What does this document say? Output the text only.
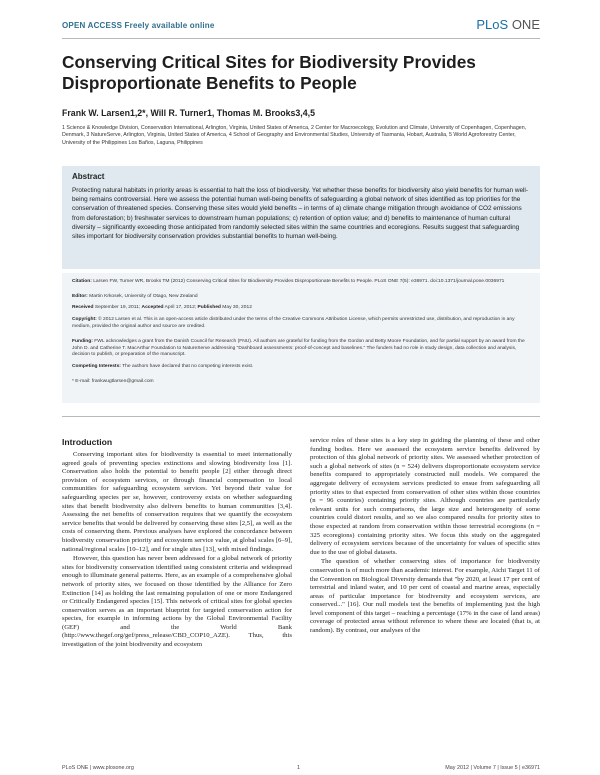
OPEN ACCESS Freely available online	PLoS ONE
Conserving Critical Sites for Biodiversity Provides Disproportionate Benefits to People
Frank W. Larsen1,2*, Will R. Turner1, Thomas M. Brooks3,4,5
1 Science & Knowledge Division, Conservation International, Arlington, Virginia, United States of America, 2 Center for Macroecology, Evolution and Climate, University of Copenhagen, Copenhagen, Denmark, 3 NatureServe, Arlington, Virginia, United States of America, 4 School of Geography and Environmental Studies, University of Tasmania, Hobart, Australia, 5 World Agroforestry Center, University of the Philippines Los Baños, Laguna, Philippines
Abstract
Protecting natural habitats in priority areas is essential to halt the loss of biodiversity. Yet whether these benefits for biodiversity also yield benefits for human well-being remains controversial. Here we assess the potential human well-being benefits of safeguarding a global network of sites identified as top priorities for the conservation of threatened species. Conserving these sites would yield benefits – in terms of a) climate change mitigation through avoidance of CO2 emissions from deforestation; b) freshwater services to downstream human populations; c) retention of option value; and d) benefits to maintenance of human cultural diversity – significantly exceeding those anticipated from randomly selected sites within the same countries and ecoregions. Results suggest that safeguarding sites important for biodiversity conservation provides substantial benefits to human well-being.
Citation: Larsen FW, Turner WR, Brooks TM (2012) Conserving Critical Sites for Biodiversity Provides Disproportionate Benefits to People. PLoS ONE 7(5): e36971. doi:10.1371/journal.pone.0036971
Editor: Martin Krkosek, University of Otago, New Zealand
Received September 19, 2011; Accepted April 17, 2012; Published May 30, 2012
Copyright: © 2012 Larsen et al. This is an open-access article distributed under the terms of the Creative Commons Attribution License, which permits unrestricted use, distribution, and reproduction in any medium, provided the original author and source are credited.
Funding: FWL acknowledges a grant from the Danish Council for Research (FNU). All authors are grateful for funding from the Gordon and Betty Moore Foundation, and for partial support by an award from the John D. and Catherine T. MacArthur Foundation to NatureServe addressing "Dashboard assessments: proof-of-concept and baselines." The funders had no role in study design, data collection and analysis, decision to publish, or preparation of the manuscript.
Competing Interests: The authors have declared that no competing interests exist.
* E-mail: frankwugtlarsen@gmail.com
Introduction

Conserving important sites for biodiversity is essential to meet internationally agreed goals of preventing species extinctions and slowing biodiversity loss [1]. Conservation also holds the potential to benefit people [2] either through direct provision of ecosystem services, or through financial compensation to local communities for safeguarding ecosystem services. Yet beyond their value for safeguarding species per se, however, controversy exists on whether safeguarding sites that benefit biodiversity also delivers benefits to human communities [3,4]. Assessing the net benefits of conservation requires that we quantify the ecosystem service benefits that would be delivered by conserving these sites [2,5], as well as the costs of conserving them. Previous analyses have explored the concordance between biodiversity conservation priority and ecosystem service value, at global scales [6–9], national/regional scales [10–12], and for single sites [13], with mixed findings.

However, this question has never been addressed for a global network of priority sites for biodiversity conservation identified using consistent criteria and widespread enough to illuminate general patterns. Here, as an example of a comprehensive global network of priority sites, we focused on those identified by the Alliance for Zero Extinction [14] as holding the last remaining population of one or more Endangered or Critically Endangered species [15]. This network of critical sites for global species conservation serves as an important blueprint for targeted conservation action for species, for example in informing actions by the Global Environmental Facility (GEF) and the World Bank (http://www.thegef.org/gef/press_release/CBD_COP10_AZE). Thus, this investigation of the joint biodiversity and ecosystem

service roles of these sites is a key step in guiding the planning of these and other funding bodies. Here we assessed the ecosystem service benefits delivered by protection of this global network of priority sites. We assessed whether protection of such a global network of sites (n = 524) delivers disproportionate ecosystem service benefits compared to appropriately constructed null models. We compared the aggregate delivery of ecosystem services predicted to ensue from safeguarding all priority sites to that expected from conservation of other sites within those countries (n = 96 countries) containing priority sites. Although countries are particularly relevant units for such comparisons, the large size and heterogeneity of some countries could distort results, and so we also compared results for priority sites to those expected at random from conservation within those terrestrial ecoregions (n = 325 ecoregions) containing priority sites. We focus this study on the aggregated delivery of ecosystem services because of the uncertainty for values of specific sites due to the use of global datasets.

The question of whether conserving sites of importance for biodiversity conservation is of much more than academic interest. For example, Aichi Target 11 of the Convention on Biological Diversity demands that "by 2020, at least 17 per cent of terrestrial and inland water, and 10 per cent of coastal and marine areas, especially areas of particular importance for biodiversity and ecosystem services, are conserved..." [16]. Our null models test the benefits of implementing just the high level component of this target – reaching a percentage (17% in the case of land areas) coverage of protected areas without reference to where these are located (that is, at random). By contrast, our analyses of the

PLoS ONE | www.plosone.org	1	May 2012 | Volume 7 | Issue 5 | e36971
